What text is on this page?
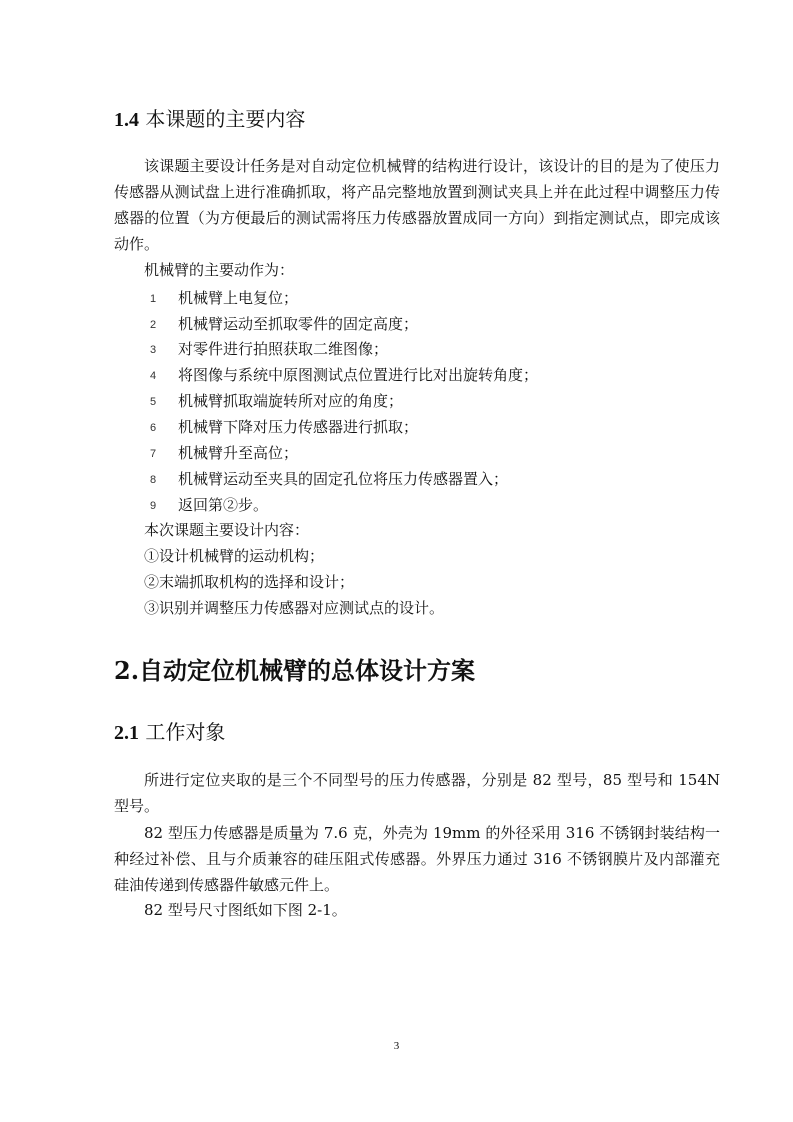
1.4 本课题的主要内容

该课题主要设计任务是对自动定位机械臂的结构进行设计，该设计的目的是为了使压力传感器从测试盘上进行准确抓取，将产品完整地放置到测试夹具上并在此过程中调整压力传感器的位置（为方便最后的测试需将压力传感器放置成同一方向）到指定测试点，即完成该动作。

机械臂的主要动作为：

1 机械臂上电复位；
2 机械臂运动至抓取零件的固定高度；
3 对零件进行拍照获取二维图像；
4 将图像与系统中原图测试点位置进行比对出旋转角度；
5 机械臂抓取端旋转所对应的角度；
6 机械臂下降对压力传感器进行抓取；
7 机械臂升至高位；
8 机械臂运动至夹具的固定孔位将压力传感器置入；
9 返回第②步。

本次课题主要设计内容：

①设计机械臂的运动机构；

②末端抓取机构的选择和设计；

③识别并调整压力传感器对应测试点的设计。

2.自动定位机械臂的总体设计方案
2.1 工作对象

所进行定位夹取的是三个不同型号的压力传感器，分别是 82 型号，85 型号和 154N 型号。

82 型压力传感器是质量为 7.6 克，外壳为 19mm 的外径采用 316 不锈钢封装结构一种经过补偿、且与介质兼容的硅压阻式传感器。外界压力通过 316 不锈钢膜片及内部灌充硅油传递到传感器件敏感元件上。

82 型号尺寸图纸如下图 2-1。

3
